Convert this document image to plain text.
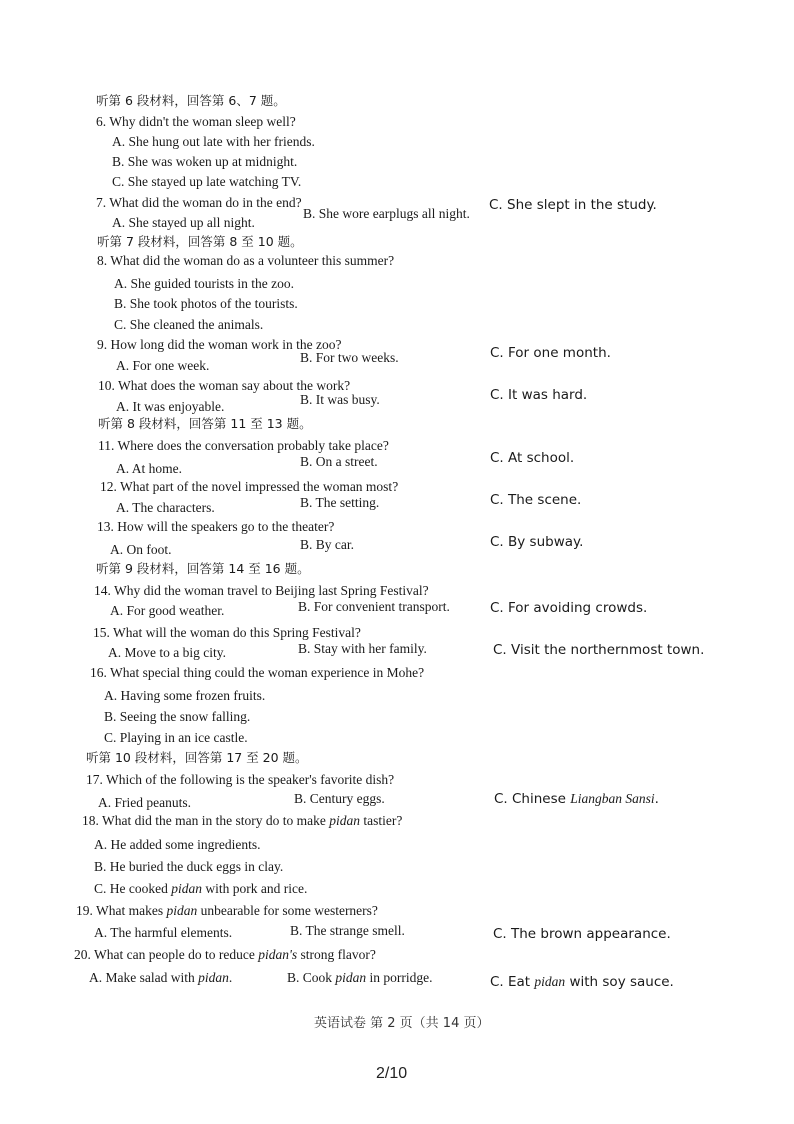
听第 6 段材料，回答第 6、7 题。
6. Why didn't the woman sleep well?
A. She hung out late with her friends.
B. She was woken up at midnight.
C. She stayed up late watching TV.
7. What did the woman do in the end?
A. She stayed up all night.
B. She wore earplugs all night.
C. She slept in the study.
听第 7 段材料，回答第 8 至 10 题。
8. What did the woman do as a volunteer this summer?
A. She guided tourists in the zoo.
B. She took photos of the tourists.
C. She cleaned the animals.
9. How long did the woman work in the zoo?
A. For one week.
B. For two weeks.	C. For one month.
10. What does the woman say about the work?
A. It was enjoyable.	B. It was busy.	C. It was hard.
听第 8 段材料，回答第 11 至 13 题。
11. Where does the conversation probably take place?
A. At home.	B. On a street.	C. At school.
12. What part of the novel impressed the woman most?
A. The characters.	B. The setting.	C. The scene.
13. How will the speakers go to the theater?
A. On foot.	B. By car.	C. By subway.
听第 9 段材料，回答第 14 至 16 题。
14. Why did the woman travel to Beijing last Spring Festival?
A. For good weather.	B. For convenient transport.	C. For avoiding crowds.
15. What will the woman do this Spring Festival?
A. Move to a big city.	B. Stay with her family.	C. Visit the northernmost town.
16. What special thing could the woman experience in Mohe?
A. Having some frozen fruits.
B. Seeing the snow falling.
C. Playing in an ice castle.
听第 10 段材料，回答第 17 至 20 题。
17. Which of the following is the speaker's favorite dish?
A. Fried peanuts.	B. Century eggs.	C. Chinese Liangban Sansi.
18. What did the man in the story do to make pidan tastier?
A. He added some ingredients.
B. He buried the duck eggs in clay.
C. He cooked pidan with pork and rice.
19. What makes pidan unbearable for some westerners?
A. The harmful elements.	B. The strange smell.	C. The brown appearance.
20. What can people do to reduce pidan's strong flavor?
A. Make salad with pidan.	B. Cook pidan in porridge.	C. Eat pidan with soy sauce.
英语试卷 第 2 页（共 14 页）
2/10
